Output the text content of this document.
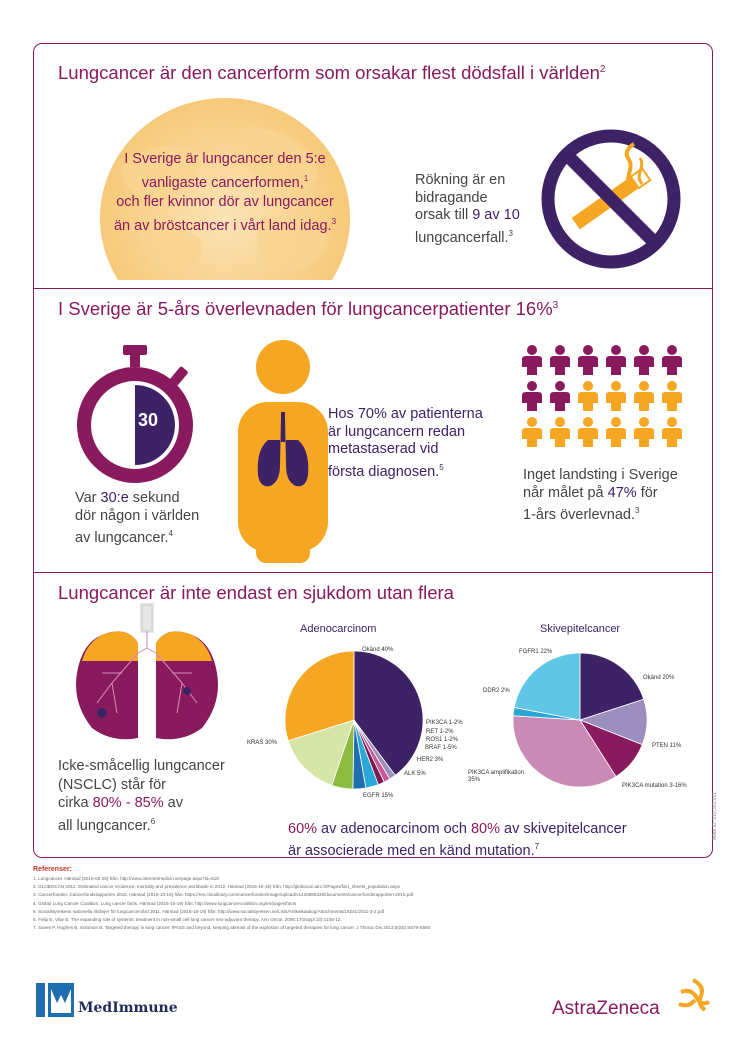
Lungcancer är den cancerform som orsakar flest dödsfall i världen$^2$
I Sverige är lungcancer den 5:e
vanligaste cancerformen,$^1$
och fler kvinnor dör av lungcancer
än av bröstcancer i vårt land idag.$^3$
Rökning är en
bidragande
orsak till 9 av 10
lungcancerfall.$^3$
I Sverige är 5-års överlevnaden för lungcancerpatienter 16%$^3$
30
Var 30:e sekund
dör någon i världen
av lungcancer.$^4$
Hos 70% av patienterna
är lungcancern redan
metastaserad vid
första diagnosen.$^5$	Inget landsting i Sverige
når målet på 47% för
1-års överlevnad.$^3$
Lungcancer är inte endast en sjukdom utan flera
Icke-småcellig lungcancer
(NSCLC) står för
cirka 80% - 85% av
all lungcancer.$^6$
Adenocarcinom	Skivepitelcancer
Okänd 40%
PIK3CA 1-2%
RET 1-2%
ROS1 1-2%
BRAF 1-5%
HER2 3%
ALK 5%
EGFR 15%
KRAS 30%
Okänd 20%
PTEN 11%
PIK3CA mutation 3-16%
PIK3CA amplifikation 35%
DDR2 2%
FGFR1 22%
60% av adenocarcinom och 80% av skivepitelcancer
är associerade med en känd mutation.$^7$
Atlas ID: 910,351,011
Referenser:
1. Lungcancer. Hämtad (2015-05-29) från: http://www.internetmedicin.se/page.aspx?id=618
2. GLOBOCAN 2012. Estimated cancer incidence, mortality and prevalence worldwide in 2012. Hämtad (2015-10-19) från: http://globocan.iarc.fr/Pages/fact_sheets_population.aspx
3. Cancerfonden. Cancerfondsrapporten 2015. Hämtad (2015-10-19) från: https://res.cloudinary.com/cancerfonden/image/upload/v1429886338/documents/cancerfondsrapporten-2015.pdf
4. Global Lung Cancer Coalition. Lung cancer facts. Hämtad (2015-10-19) från: http://www.lungcancercoalition.org/en/pages/facts
5. Socialstyrelsens nationella riktlinjer för lungcancervård 2011. Hämtad (2015-10-19) från: http://www.socialstyrelsen.se/Lists/Artikelkatalog/Attachments/18241/2011-3-2.pdf
6. Felip E, Vilar E. The expanding role of systemic treatment in non-small cell lung cancer neo-adjuvant therapy. Ann Oncol. 2006;17(Suppl 10):x108-12.
7. Saves P, Hughes B, Solomon B. Targeted therapy in lung cancer: IPASS and beyond, keeping abreast of the explosion of targeted therapies for lung cancer. J Thorac Dis 2013;5(S5):S579-S592
MedImmune	AstraZeneca
